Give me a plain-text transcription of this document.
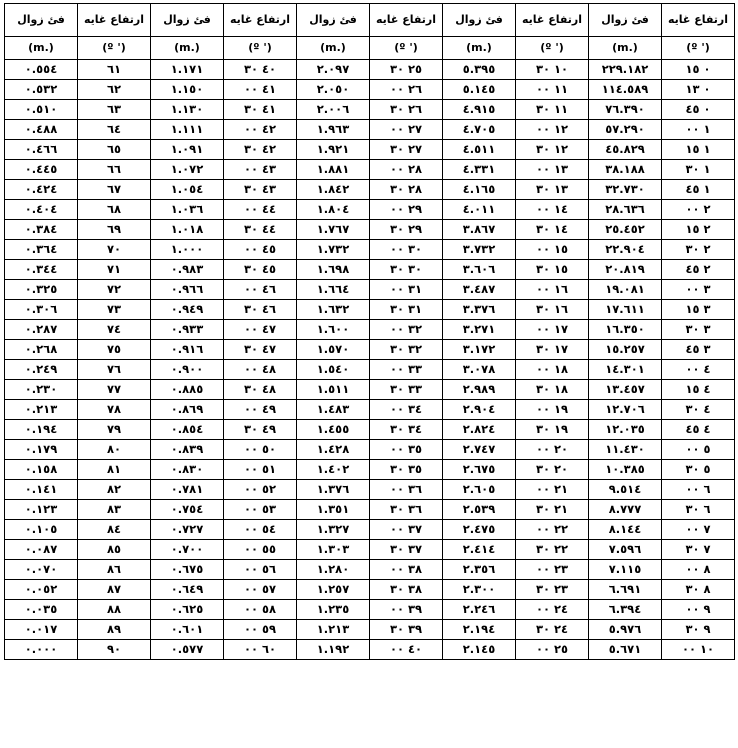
فئ زوال	ارتفاع غايه	فئ زوال	ارتفاع غايه	فئ زوال	ارتفاع غايه	فئ زوال	ارتفاع غايه	فئ زوال	ارتفاع غايه
(m.)	(º ')	(m.)	(º ')	(m.)	(º ')	(m.)	(º ')	(m.)	(º ')
٠.٥٥٤	٦١	١.١٧١	٤٠ ٣٠	٢.٠٩٧	٢٥ ٣٠	٥.٣٩٥	١٠ ٣٠	٢٢٩.١٨٢	٠ ١٥
٠.٥٣٢	٦٢	١.١٥٠	٤١ ٠٠	٢.٠٥٠	٢٦ ٠٠	٥.١٤٥	١١ ٠٠	١١٤.٥٨٩	٠ ١٣
٠.٥١٠	٦٣	١.١٣٠	٤١ ٣٠	٢.٠٠٦	٢٦ ٣٠	٤.٩١٥	١١ ٣٠	٧٦.٣٩٠	٠ ٤٥
٠.٤٨٨	٦٤	١.١١١	٤٢ ٠٠	١.٩٦٣	٢٧ ٠٠	٤.٧٠٥	١٢ ٠٠	٥٧.٢٩٠	١ ٠٠
٠.٤٦٦	٦٥	١.٠٩١	٤٢ ٣٠	١.٩٢١	٢٧ ٣٠	٤.٥١١	١٢ ٣٠	٤٥.٨٢٩	١ ١٥
٠.٤٤٥	٦٦	١.٠٧٢	٤٣ ٠٠	١.٨٨١	٢٨ ٠٠	٤.٣٣١	١٣ ٠٠	٣٨.١٨٨	١ ٣٠
٠.٤٢٤	٦٧	١.٠٥٤	٤٣ ٣٠	١.٨٤٢	٢٨ ٣٠	٤.١٦٥	١٣ ٣٠	٣٢.٧٣٠	١ ٤٥
٠.٤٠٤	٦٨	١.٠٣٦	٤٤ ٠٠	١.٨٠٤	٢٩ ٠٠	٤.٠١١	١٤ ٠٠	٢٨.٦٣٦	٢ ٠٠
٠.٣٨٤	٦٩	١.٠١٨	٤٤ ٣٠	١.٧٦٧	٢٩ ٣٠	٣.٨٦٧	١٤ ٣٠	٢٥.٤٥٢	٢ ١٥
٠.٣٦٤	٧٠	١.٠٠٠	٤٥ ٠٠	١.٧٣٢	٣٠ ٠٠	٣.٧٣٢	١٥ ٠٠	٢٢.٩٠٤	٢ ٣٠
٠.٣٤٤	٧١	٠.٩٨٣	٤٥ ٣٠	١.٦٩٨	٣٠ ٣٠	٣.٦٠٦	١٥ ٣٠	٢٠.٨١٩	٢ ٤٥
٠.٣٢٥	٧٢	٠.٩٦٦	٤٦ ٠٠	١.٦٦٤	٣١ ٠٠	٣.٤٨٧	١٦ ٠٠	١٩.٠٨١	٣ ٠٠
٠.٣٠٦	٧٣	٠.٩٤٩	٤٦ ٣٠	١.٦٣٢	٣١ ٣٠	٣.٣٧٦	١٦ ٣٠	١٧.٦١١	٣ ١٥
٠.٢٨٧	٧٤	٠.٩٣٣	٤٧ ٠٠	١.٦٠٠	٣٢ ٠٠	٣.٢٧١	١٧ ٠٠	١٦.٣٥٠	٣ ٣٠
٠.٢٦٨	٧٥	٠.٩١٦	٤٧ ٣٠	١.٥٧٠	٣٢ ٣٠	٣.١٧٢	١٧ ٣٠	١٥.٢٥٧	٣ ٤٥
٠.٢٤٩	٧٦	٠.٩٠٠	٤٨ ٠٠	١.٥٤٠	٣٣ ٠٠	٣.٠٧٨	١٨ ٠٠	١٤.٣٠١	٤ ٠٠
٠.٢٣٠	٧٧	٠.٨٨٥	٤٨ ٣٠	١.٥١١	٣٣ ٣٠	٢.٩٨٩	١٨ ٣٠	١٣.٤٥٧	٤ ١٥
٠.٢١٣	٧٨	٠.٨٦٩	٤٩ ٠٠	١.٤٨٣	٣٤ ٠٠	٢.٩٠٤	١٩ ٠٠	١٢.٧٠٦	٤ ٣٠
٠.١٩٤	٧٩	٠.٨٥٤	٤٩ ٣٠	١.٤٥٥	٣٤ ٣٠	٢.٨٢٤	١٩ ٣٠	١٢.٠٣٥	٤ ٤٥
٠.١٧٩	٨٠	٠.٨٣٩	٥٠ ٠٠	١.٤٢٨	٣٥ ٠٠	٢.٧٤٧	٢٠ ٠٠	١١.٤٣٠	٥ ٠٠
٠.١٥٨	٨١	٠.٨٣٠	٥١ ٠٠	١.٤٠٢	٣٥ ٣٠	٢.٦٧٥	٢٠ ٣٠	١٠.٣٨٥	٥ ٣٠
٠.١٤١	٨٢	٠.٧٨١	٥٢ ٠٠	١.٣٧٦	٣٦ ٠٠	٢.٦٠٥	٢١ ٠٠	٩.٥١٤	٦ ٠٠
٠.١٢٣	٨٣	٠.٧٥٤	٥٣ ٠٠	١.٣٥١	٣٦ ٣٠	٢.٥٣٩	٢١ ٣٠	٨.٧٧٧	٦ ٣٠
٠.١٠٥	٨٤	٠.٧٢٧	٥٤ ٠٠	١.٣٢٧	٣٧ ٠٠	٢.٤٧٥	٢٢ ٠٠	٨.١٤٤	٧ ٠٠
٠.٠٨٧	٨٥	٠.٧٠٠	٥٥ ٠٠	١.٣٠٣	٣٧ ٣٠	٢.٤١٤	٢٢ ٣٠	٧.٥٩٦	٧ ٣٠
٠.٠٧٠	٨٦	٠.٦٧٥	٥٦ ٠٠	١.٢٨٠	٣٨ ٠٠	٢.٣٥٦	٢٣ ٠٠	٧.١١٥	٨ ٠٠
٠.٠٥٢	٨٧	٠.٦٤٩	٥٧ ٠٠	١.٢٥٧	٣٨ ٣٠	٢.٣٠٠	٢٣ ٣٠	٦.٦٩١	٨ ٣٠
٠.٠٣٥	٨٨	٠.٦٢٥	٥٨ ٠٠	١.٢٣٥	٣٩ ٠٠	٢.٢٤٦	٢٤ ٠٠	٦.٣٩٤	٩ ٠٠
٠.٠١٧	٨٩	٠.٦٠١	٥٩ ٠٠	١.٢١٣	٣٩ ٣٠	٢.١٩٤	٢٤ ٣٠	٥.٩٧٦	٩ ٣٠
٠.٠٠٠	٩٠	٠.٥٧٧	٦٠ ٠٠	١.١٩٢	٤٠ ٠٠	٢.١٤٥	٢٥ ٠٠	٥.٦٧١	١٠ ٠٠
